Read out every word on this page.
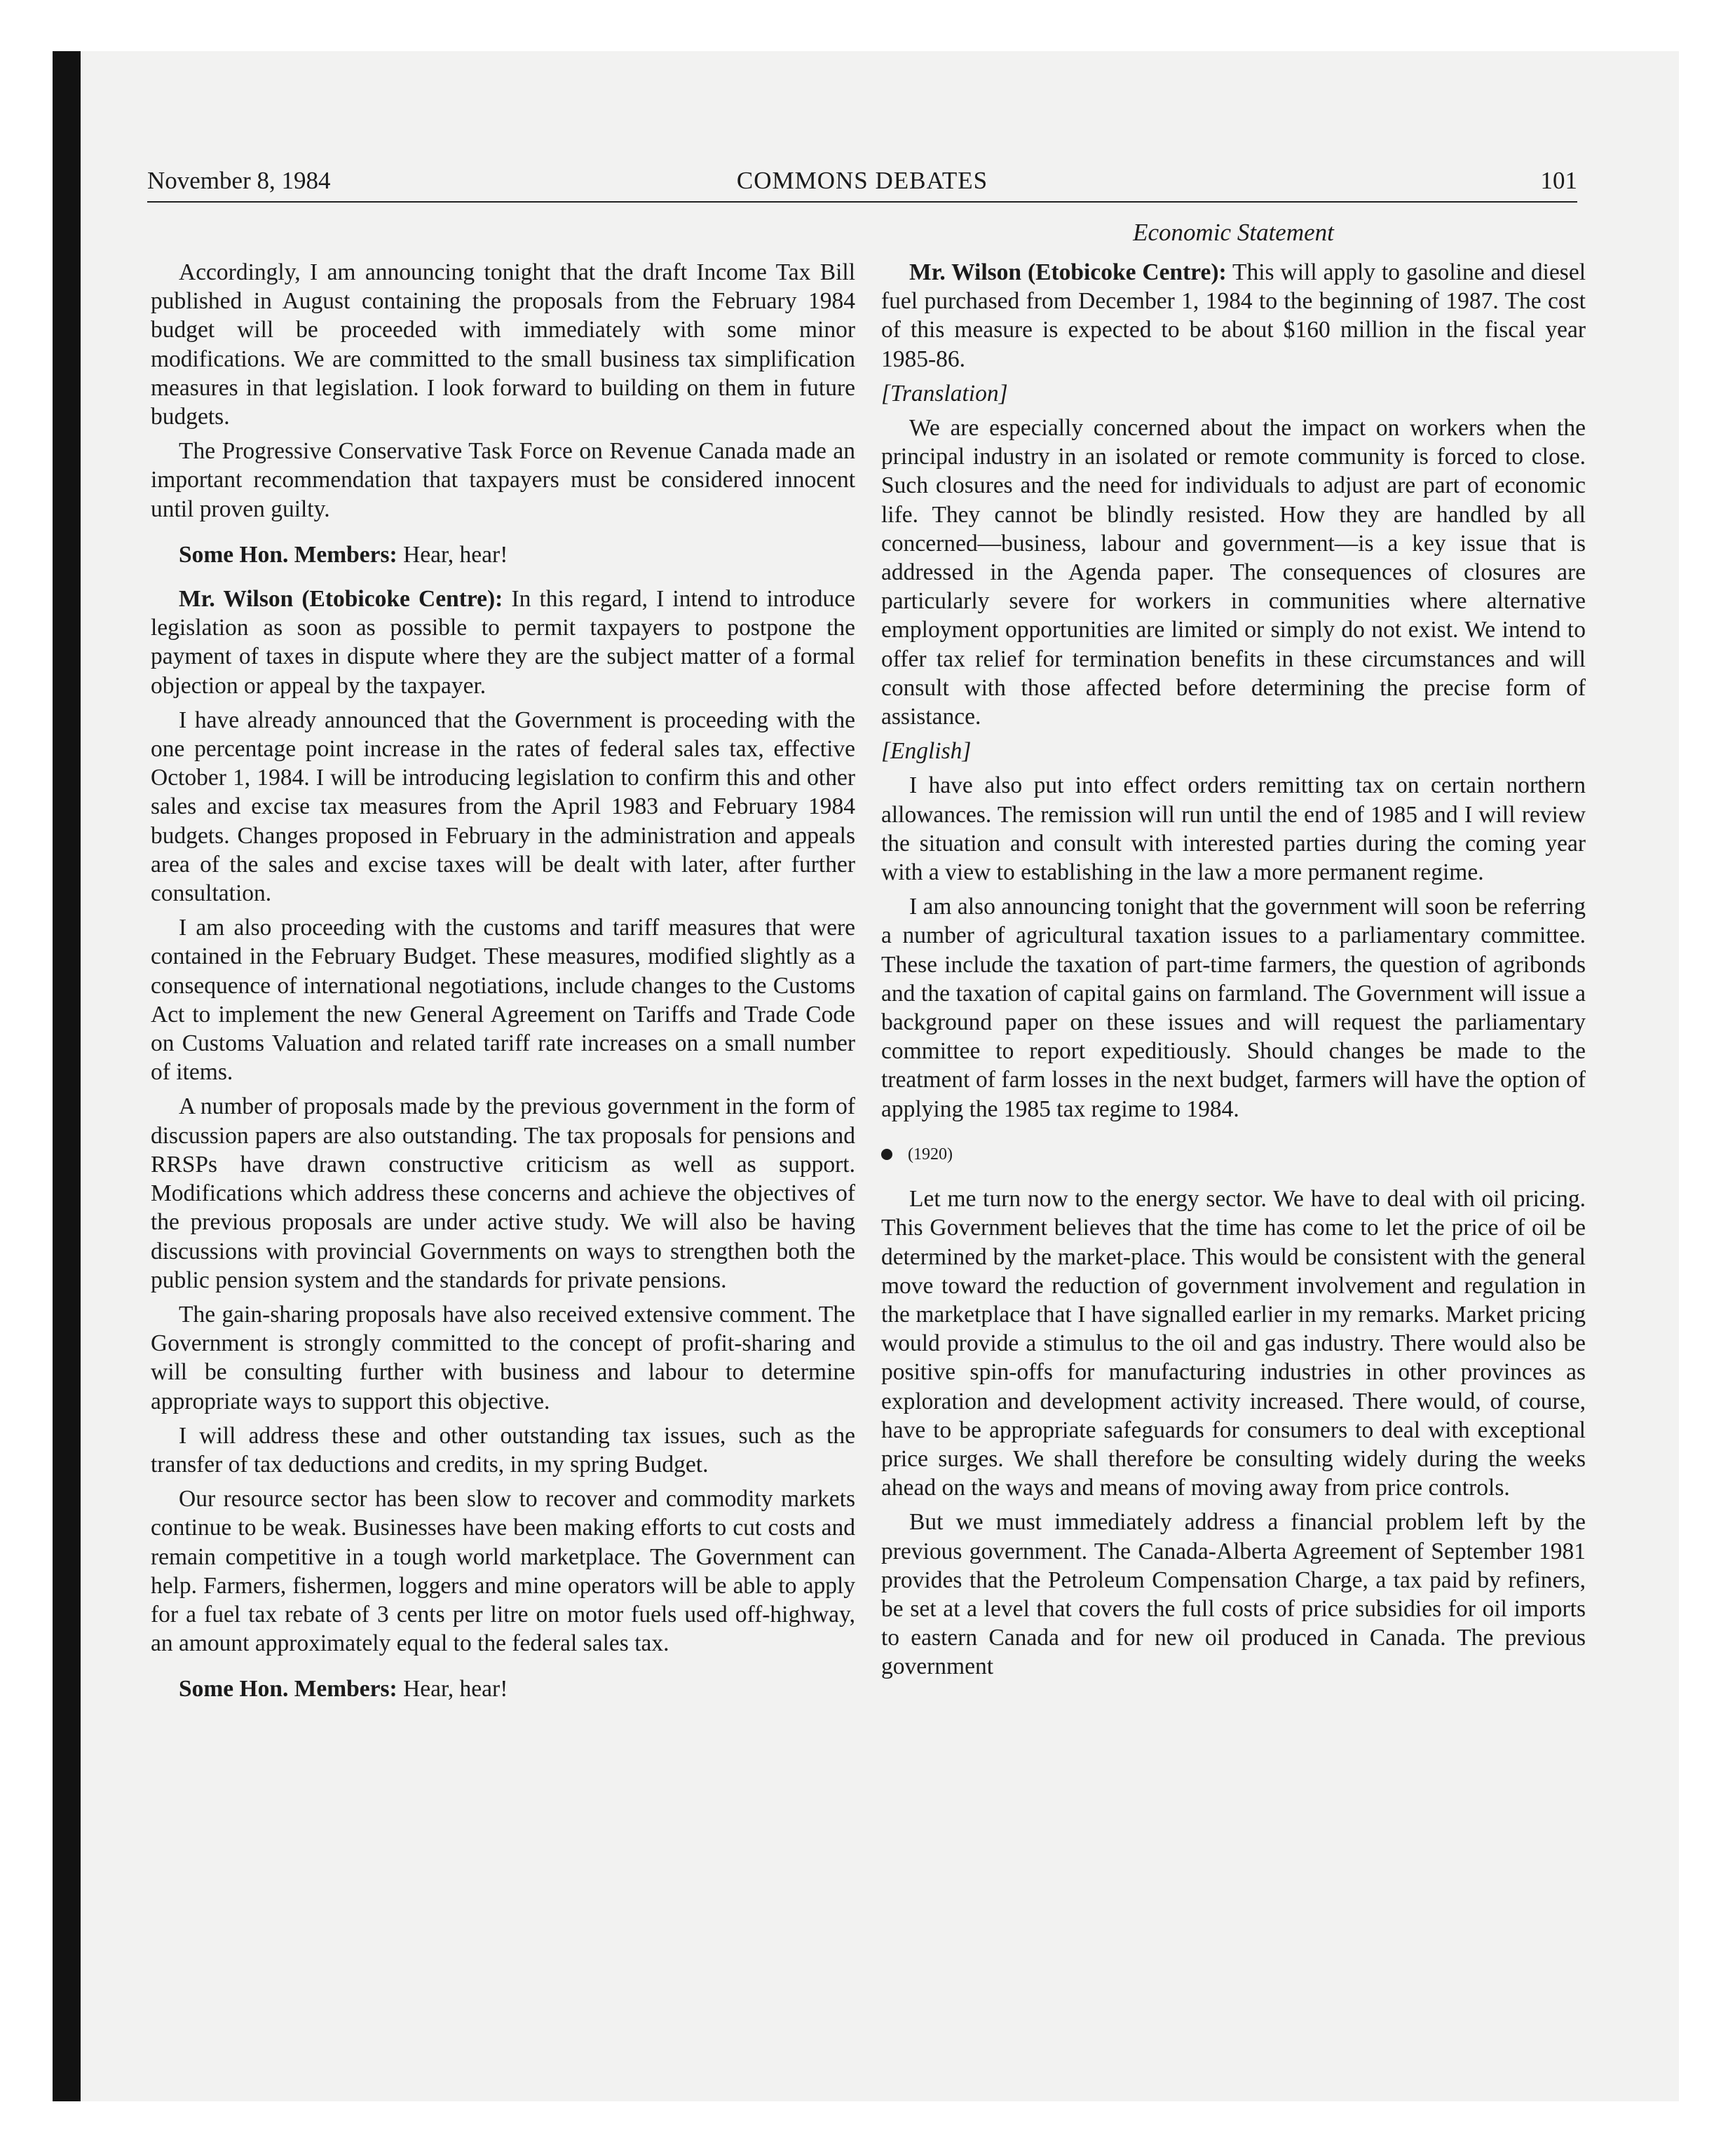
November 8, 1984	COMMONS DEBATES	101
Economic Statement

Accordingly, I am announcing tonight that the draft Income Tax Bill published in August containing the proposals from the February 1984 budget will be proceeded with immediately with some minor modifications. We are committed to the small business tax simplification measures in that legislation. I look forward to building on them in future budgets.

The Progressive Conservative Task Force on Revenue Canada made an important recommendation that taxpayers must be considered innocent until proven guilty.

Some Hon. Members: Hear, hear!

Mr. Wilson (Etobicoke Centre): In this regard, I intend to introduce legislation as soon as possible to permit taxpayers to postpone the payment of taxes in dispute where they are the subject matter of a formal objection or appeal by the taxpayer.

I have already announced that the Government is proceeding with the one percentage point increase in the rates of federal sales tax, effective October 1, 1984. I will be introducing legislation to confirm this and other sales and excise tax measures from the April 1983 and February 1984 budgets. Changes proposed in February in the administration and appeals area of the sales and excise taxes will be dealt with later, after further consultation.

I am also proceeding with the customs and tariff measures that were contained in the February Budget. These measures, modified slightly as a consequence of international negotiations, include changes to the Customs Act to implement the new General Agreement on Tariffs and Trade Code on Customs Valuation and related tariff rate increases on a small number of items.

A number of proposals made by the previous government in the form of discussion papers are also outstanding. The tax proposals for pensions and RRSPs have drawn constructive criticism as well as support. Modifications which address these concerns and achieve the objectives of the previous proposals are under active study. We will also be having discussions with provincial Governments on ways to strengthen both the public pension system and the standards for private pensions.

The gain-sharing proposals have also received extensive comment. The Government is strongly committed to the concept of profit-sharing and will be consulting further with business and labour to determine appropriate ways to support this objective.

I will address these and other outstanding tax issues, such as the transfer of tax deductions and credits, in my spring Budget.

Our resource sector has been slow to recover and commodity markets continue to be weak. Businesses have been making efforts to cut costs and remain competitive in a tough world marketplace. The Government can help. Farmers, fishermen, loggers and mine operators will be able to apply for a fuel tax rebate of 3 cents per litre on motor fuels used off-highway, an amount approximately equal to the federal sales tax.

Some Hon. Members: Hear, hear!

Mr. Wilson (Etobicoke Centre): This will apply to gasoline and diesel fuel purchased from December 1, 1984 to the beginning of 1987. The cost of this measure is expected to be about $160 million in the fiscal year 1985-86.

[Translation]

We are especially concerned about the impact on workers when the principal industry in an isolated or remote community is forced to close. Such closures and the need for individuals to adjust are part of economic life. They cannot be blindly resisted. How they are handled by all concerned—business, labour and government—is a key issue that is addressed in the Agenda paper. The consequences of closures are particularly severe for workers in communities where alternative employment opportunities are limited or simply do not exist. We intend to offer tax relief for termination benefits in these circumstances and will consult with those affected before determining the precise form of assistance.

[English]

I have also put into effect orders remitting tax on certain northern allowances. The remission will run until the end of 1985 and I will review the situation and consult with interested parties during the coming year with a view to establishing in the law a more permanent regime.

I am also announcing tonight that the government will soon be referring a number of agricultural taxation issues to a parliamentary committee. These include the taxation of part-time farmers, the question of agribonds and the taxation of capital gains on farmland. The Government will issue a background paper on these issues and will request the parliamentary committee to report expeditiously. Should changes be made to the treatment of farm losses in the next budget, farmers will have the option of applying the 1985 tax regime to 1984.

(1920)

Let me turn now to the energy sector. We have to deal with oil pricing. This Government believes that the time has come to let the price of oil be determined by the market-place. This would be consistent with the general move toward the reduction of government involvement and regulation in the marketplace that I have signalled earlier in my remarks. Market pricing would provide a stimulus to the oil and gas industry. There would also be positive spin-offs for manufacturing industries in other provinces as exploration and development activity increased. There would, of course, have to be appropriate safeguards for consumers to deal with exceptional price surges. We shall therefore be consulting widely during the weeks ahead on the ways and means of moving away from price controls.

But we must immediately address a financial problem left by the previous government. The Canada-Alberta Agreement of September 1981 provides that the Petroleum Compensation Charge, a tax paid by refiners, be set at a level that covers the full costs of price subsidies for oil imports to eastern Canada and for new oil produced in Canada. The previous government
